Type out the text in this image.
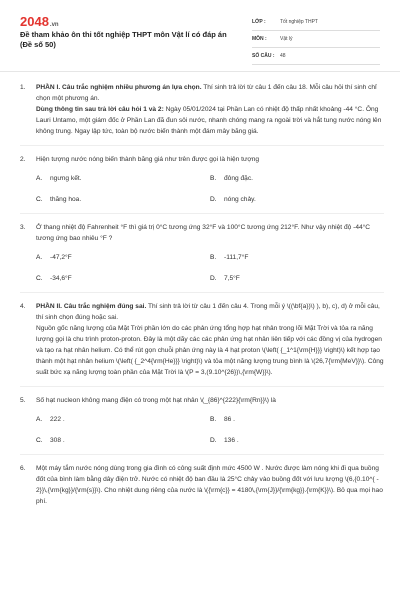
2048.vn
Đề tham khảo ôn thi tốt nghiệp THPT môn Vật lí có đáp án (Đề số 50)
LỚP :	Tốt nghiệp THPT
MÔN :	Vật lý
SỐ CÂU :	48
1. PHẦN I. Câu trắc nghiệm nhiều phương án lựa chọn. Thí sinh trả lời từ câu 1 đến câu 18. Mỗi câu hỏi thí sinh chỉ chọn một phương án.

Dùng thông tin sau trả lời câu hỏi 1 và 2: Ngày 05/01/2024 tại Phần Lan có nhiệt độ thấp nhất khoảng -44 °C. Ông Lauri Untamo, một giám đốc ở Phần Lan đã đun sôi nước, nhanh chóng mang ra ngoài trời và hắt tung nước nóng lên không trung. Ngay lập tức, toàn bộ nước biến thành một đám mây băng giá.

2. Hiện tượng nước nóng biến thành băng giá như trên được gọi là hiện tượng

A.	ngưng kết.	B.	đông đặc.
C.	thăng hoa.	D.	nóng chảy.
3. Ở thang nhiệt độ Fahrenheit °F thì giá trị 0°C tương ứng 32°F và 100°C tương ứng 212°F. Như vậy nhiệt độ -44°C tương ứng bao nhiêu °F ?

A.	-47,2°F	B.	-111,7°F
C.	-34,6°F	D.	7,5°F
4. PHẦN II. Câu trắc nghiệm đúng sai. Thí sinh trả lời từ câu 1 đến câu 4. Trong mỗi ý \((\bf{a})\) ), b), c), d) ở mỗi câu, thí sinh chọn đúng hoặc sai.

Nguồn gốc năng lượng của Mặt Trời phần lớn do các phản ứng tổng hợp hạt nhân trong lõi Mặt Trời và tỏa ra năng lượng gọi là chu trình proton-proton. Đây là một dãy các các phản ứng hạt nhân liên tiếp với các đồng vị của hydrogen và tạo ra hạt nhân helium. Có thể rút gọn chuỗi phản ứng này là 4 hạt proton \(\left( {_1^1{\rm{H}}} \right)\) kết hợp tạo thành một hạt nhân helium \(\left( {_2^4{\rm{He}}} \right)\) và tỏa một năng lượng trung bình là \(26,7{\rm{MeV}}\). Công suất bức xạ năng lượng toàn phần của Mặt Trời là \(P = 3,(9.10^{26})\,{\rm{W}}\).

5. Số hạt nucleon không mang điện có trong một hạt nhân \(_{86}^{222}{\rm{Rn}}\) là

A.	222 .	B.	86 .
C.	308 .	D.	136 .
6. Một máy tắm nước nóng dùng trong gia đình có công suất định mức 4500 W . Nước được làm nóng khi đi qua buồng đốt của bình làm bằng dây điện trở. Nước có nhiệt độ ban đầu là 25°C chảy vào buồng đốt với lưu lượng \(6,{0.10^{ - 2}}\,{\rm{kg}}/{\rm{s}}\). Cho nhiệt dung riêng của nước là \({\rm{c}} = 4180\,{\rm{J}}/{\rm{kg}}.{\rm{K}}\). Bỏ qua mọi hao phí.
